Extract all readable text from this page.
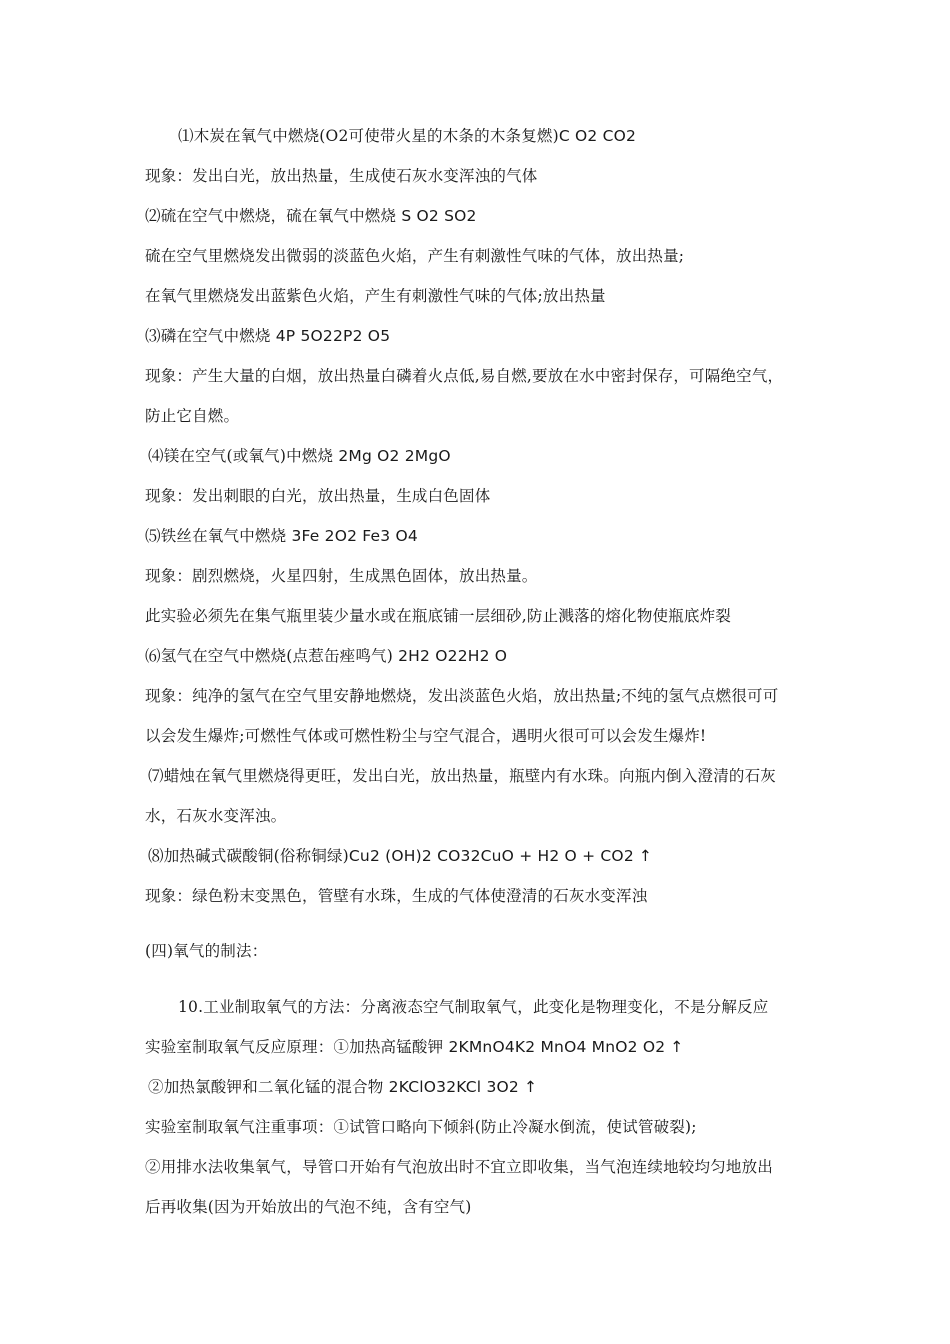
⑴木炭在氧气中燃烧(O2可使带火星的木条的木条复燃)C O2 CO2
现象：发出白光，放出热量，生成使石灰水变浑浊的气体
⑵硫在空气中燃烧，硫在氧气中燃烧 S O2 SO2
硫在空气里燃烧发出微弱的淡蓝色火焰，产生有刺激性气味的气体，放出热量;
在氧气里燃烧发出蓝紫色火焰，产生有刺激性气味的气体;放出热量
⑶磷在空气中燃烧 4P 5O22P2 O5
现象：产生大量的白烟，放出热量白磷着火点低,易自燃,要放在水中密封保存，可隔绝空气，
防止它自燃。
⑷镁在空气(或氧气)中燃烧 2Mg O2 2MgO
现象：发出刺眼的白光，放出热量，生成白色固体
⑸铁丝在氧气中燃烧 3Fe 2O2 Fe3 O4
现象：剧烈燃烧，火星四射，生成黑色固体，放出热量。
此实验必须先在集气瓶里装少量水或在瓶底铺一层细砂,防止溅落的熔化物使瓶底炸裂
⑹氢气在空气中燃烧(点惹缶痤鸣气) 2H2 O22H2 O
现象：纯净的氢气在空气里安静地燃烧，发出淡蓝色火焰，放出热量;不纯的氢气点燃很可可
以会发生爆炸;可燃性气体或可燃性粉尘与空气混合，遇明火很可可以会发生爆炸!
⑺蜡烛在氧气里燃烧得更旺，发出白光，放出热量，瓶壁内有水珠。向瓶内倒入澄清的石灰
水，石灰水变浑浊。
⑻加热碱式碳酸铜(俗称铜绿)Cu2 (OH)2 CO32CuO + H2 O + CO2 ↑
现象：绿色粉末变黑色，管壁有水珠，生成的气体使澄清的石灰水变浑浊
(四)氧气的制法：
10.工业制取氧气的方法：分离液态空气制取氧气，此变化是物理变化，不是分解反应
实验室制取氧气反应原理：①加热高锰酸钾 2KMnO4K2 MnO4 MnO2 O2 ↑
②加热氯酸钾和二氧化锰的混合物 2KClO32KCl 3O2 ↑
实验室制取氧气注重事项：①试管口略向下倾斜(防止冷凝水倒流，使试管破裂);
②用排水法收集氧气，导管口开始有气泡放出时不宜立即收集，当气泡连续地较均匀地放出
后再收集(因为开始放出的气泡不纯，含有空气)
